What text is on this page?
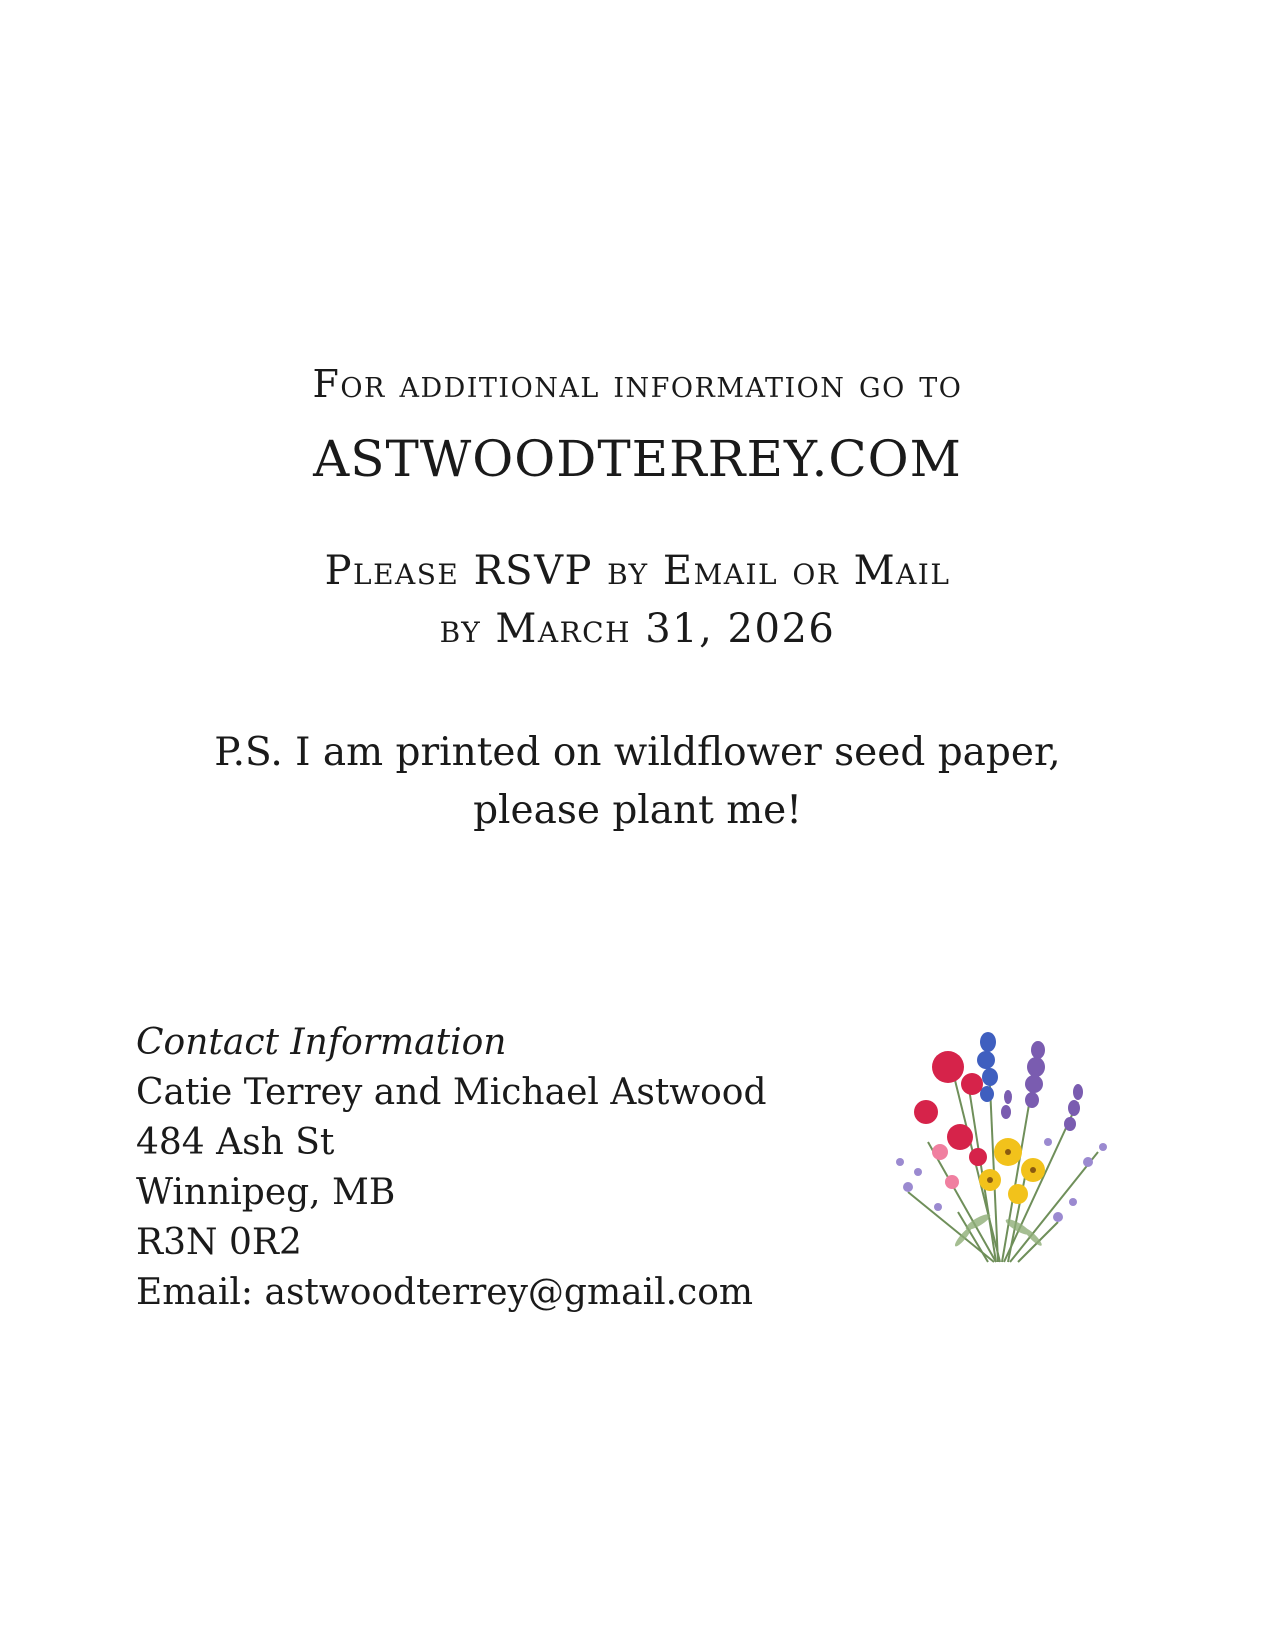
For additional information go to
ASTWOODTERREY.COM
Please RSVP by Email or Mail
by March 31, 2026
P.S. I am printed on wildflower seed paper,
please plant me!
Contact Information
Catie Terrey and Michael Astwood
484 Ash St
Winnipeg, MB
R3N 0R2
Email: astwoodterrey@gmail.com
